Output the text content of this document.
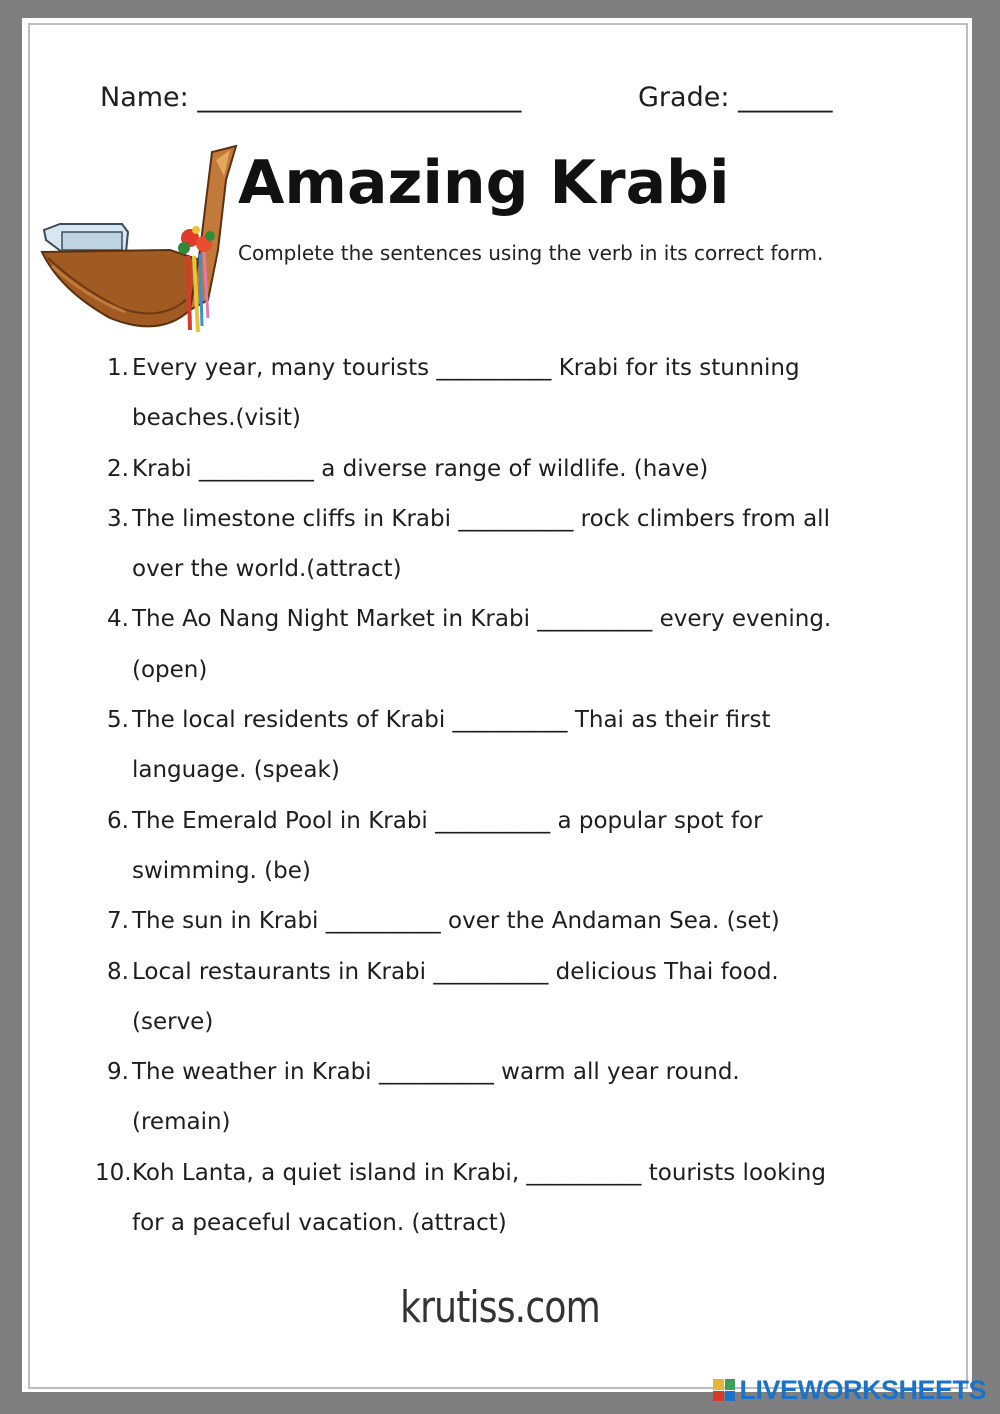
Name: ________________________	Grade: _______
Amazing Krabi
Complete the sentences using the verb in its correct form.
1. Every year, many tourists __________ Krabi for its stunning
beaches.(visit)
2. Krabi __________ a diverse range of wildlife. (have)
3. The limestone cliffs in Krabi __________ rock climbers from all
over the world.(attract)
4. The Ao Nang Night Market in Krabi __________ every evening.
(open)
5. The local residents of Krabi __________ Thai as their first
language. (speak)
6. The Emerald Pool in Krabi __________ a popular spot for
swimming. (be)
7. The sun in Krabi __________ over the Andaman Sea. (set)
8. Local restaurants in Krabi __________ delicious Thai food.
(serve)
9. The weather in Krabi __________ warm all year round.
(remain)
10. Koh Lanta, a quiet island in Krabi, __________ tourists looking
for a peaceful vacation. (attract)
krutiss.com
LIVEWORKSHEETS
